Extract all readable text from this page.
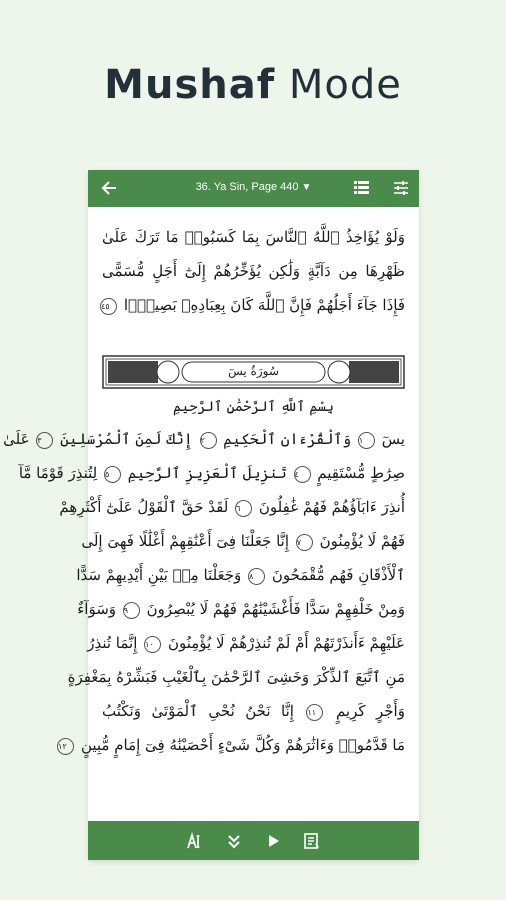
Mushaf Mode
36. Ya Sin, Page 440 ▼
وَلَوْ يُؤَاخِذُ ٱللَّهُ ٱلنَّاسَ بِمَا كَسَبُوا۟ مَا تَرَكَ عَلَىٰ
ظَهْرِهَا مِن دَآبَّةٍ وَلَٰكِن يُؤَخِّرُهُمْ إِلَىٰٓ أَجَلٍ مُّسَمًّى
فَإِذَا جَآءَ أَجَلُهُمْ فَإِنَّ ٱللَّهَ كَانَ بِعِبَادِهِۦ بَصِيرًۢا ٤٥
سُورَةُ يسٓ
بِسْمِ ٱللَّهِ ٱلرَّحْمَٰنِ ٱلرَّحِيمِ
يسٓ ١ وَٱلْقُرْءَانِ ٱلْحَكِيمِ ٢ إِنَّكَ لَمِنَ ٱلْمُرْسَلِينَ ٣ عَلَىٰ
صِرَٰطٍ مُّسْتَقِيمٍ ٤ تَنزِيلَ ٱلْعَزِيزِ ٱلرَّحِيمِ ٥ لِتُنذِرَ قَوْمًا مَّآ
أُنذِرَ ءَابَآؤُهُمْ فَهُمْ غَٰفِلُونَ ٦ لَقَدْ حَقَّ ٱلْقَوْلُ عَلَىٰٓ أَكْثَرِهِمْ
فَهُمْ لَا يُؤْمِنُونَ ٧ إِنَّا جَعَلْنَا فِىٓ أَعْنَٰقِهِمْ أَغْلَٰلًا فَهِىَ إِلَى
ٱلْأَذْقَانِ فَهُم مُّقْمَحُونَ ٨ وَجَعَلْنَا مِنۢ بَيْنِ أَيْدِيهِمْ سَدًّا
وَمِنْ خَلْفِهِمْ سَدًّا فَأَغْشَيْنَٰهُمْ فَهُمْ لَا يُبْصِرُونَ ٩ وَسَوَآءٌ
عَلَيْهِمْ ءَأَنذَرْتَهُمْ أَمْ لَمْ تُنذِرْهُمْ لَا يُؤْمِنُونَ ١٠ إِنَّمَا تُنذِرُ
مَنِ ٱتَّبَعَ ٱلذِّكْرَ وَخَشِىَ ٱلرَّحْمَٰنَ بِٱلْغَيْبِ فَبَشِّرْهُ بِمَغْفِرَةٍ
وَأَجْرٍ كَرِيمٍ ١١ إِنَّا نَحْنُ نُحْىِ ٱلْمَوْتَىٰ وَنَكْتُبُ
مَا قَدَّمُوا۟ وَءَاثَٰرَهُمْ وَكُلَّ شَىْءٍ أَحْصَيْنَٰهُ فِىٓ إِمَامٍ مُّبِينٍ ١٢
